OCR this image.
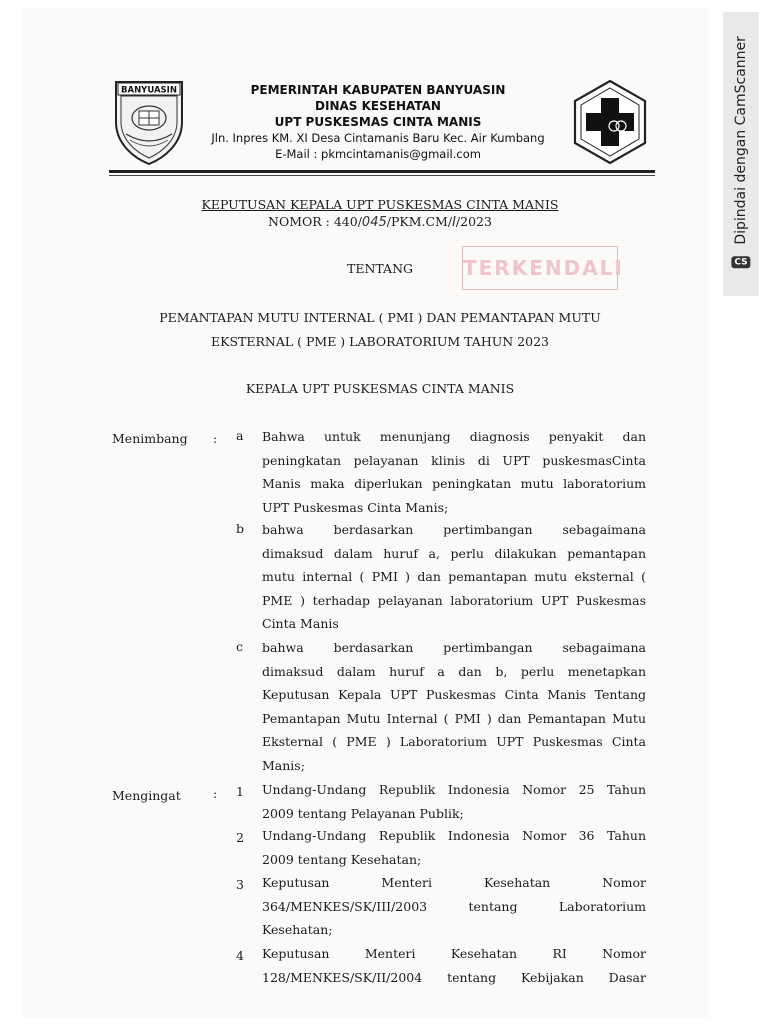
CS
Dipindai dengan CamScanner
BANYUASIN	PEMERINTAH KABUPATEN BANYUASIN
DINAS KESEHATAN
UPT PUSKESMAS CINTA MANIS
Jln. Inpres KM. XI Desa Cintamanis Baru Kec. Air Kumbang
E-Mail : pkmcintamanis@gmail.com
KEPUTUSAN KEPALA UPT PUSKESMAS CINTA MANIS
NOMOR : 440/045/PKM.CM/I/2023
TENTANG	TERKENDALI
PEMANTAPAN MUTU INTERNAL ( PMI ) DAN PEMANTAPAN MUTU
EKSTERNAL ( PME ) LABORATORIUM TAHUN 2023
KEPALA UPT PUSKESMAS CINTA MANIS
Menimbang : a Bahwa untuk menunjang diagnosis penyakit dan
peningkatan pelayanan klinis di UPT puskesmasCinta
Manis maka diperlukan peningkatan mutu laboratorium
UPT Puskesmas Cinta Manis;
b bahwa berdasarkan pertimbangan sebagaimana
dimaksud dalam huruf a, perlu dilakukan pemantapan
mutu internal ( PMI ) dan pemantapan mutu eksternal (
PME ) terhadap pelayanan laboratorium UPT Puskesmas
Cinta Manis
c bahwa berdasarkan pertimbangan sebagaimana
dimaksud dalam huruf a dan b, perlu menetapkan
Keputusan Kepala UPT Puskesmas Cinta Manis Tentang
Pemantapan Mutu Internal ( PMI ) dan Pemantapan Mutu
Eksternal ( PME ) Laboratorium UPT Puskesmas Cinta
Manis;
Mengingat	: 1 Undang-Undang Republik Indonesia Nomor 25 Tahun
2009 tentang Pelayanan Publik;
2 Undang-Undang Republik Indonesia Nomor 36 Tahun
2009 tentang Kesehatan;
3 Keputusan Menteri Kesehatan Nomor
364/MENKES/SK/III/2003 tentang Laboratorium
Kesehatan;
4 Keputusan Menteri Kesehatan RI Nomor
128/MENKES/SK/II/2004 tentang Kebijakan Dasar
